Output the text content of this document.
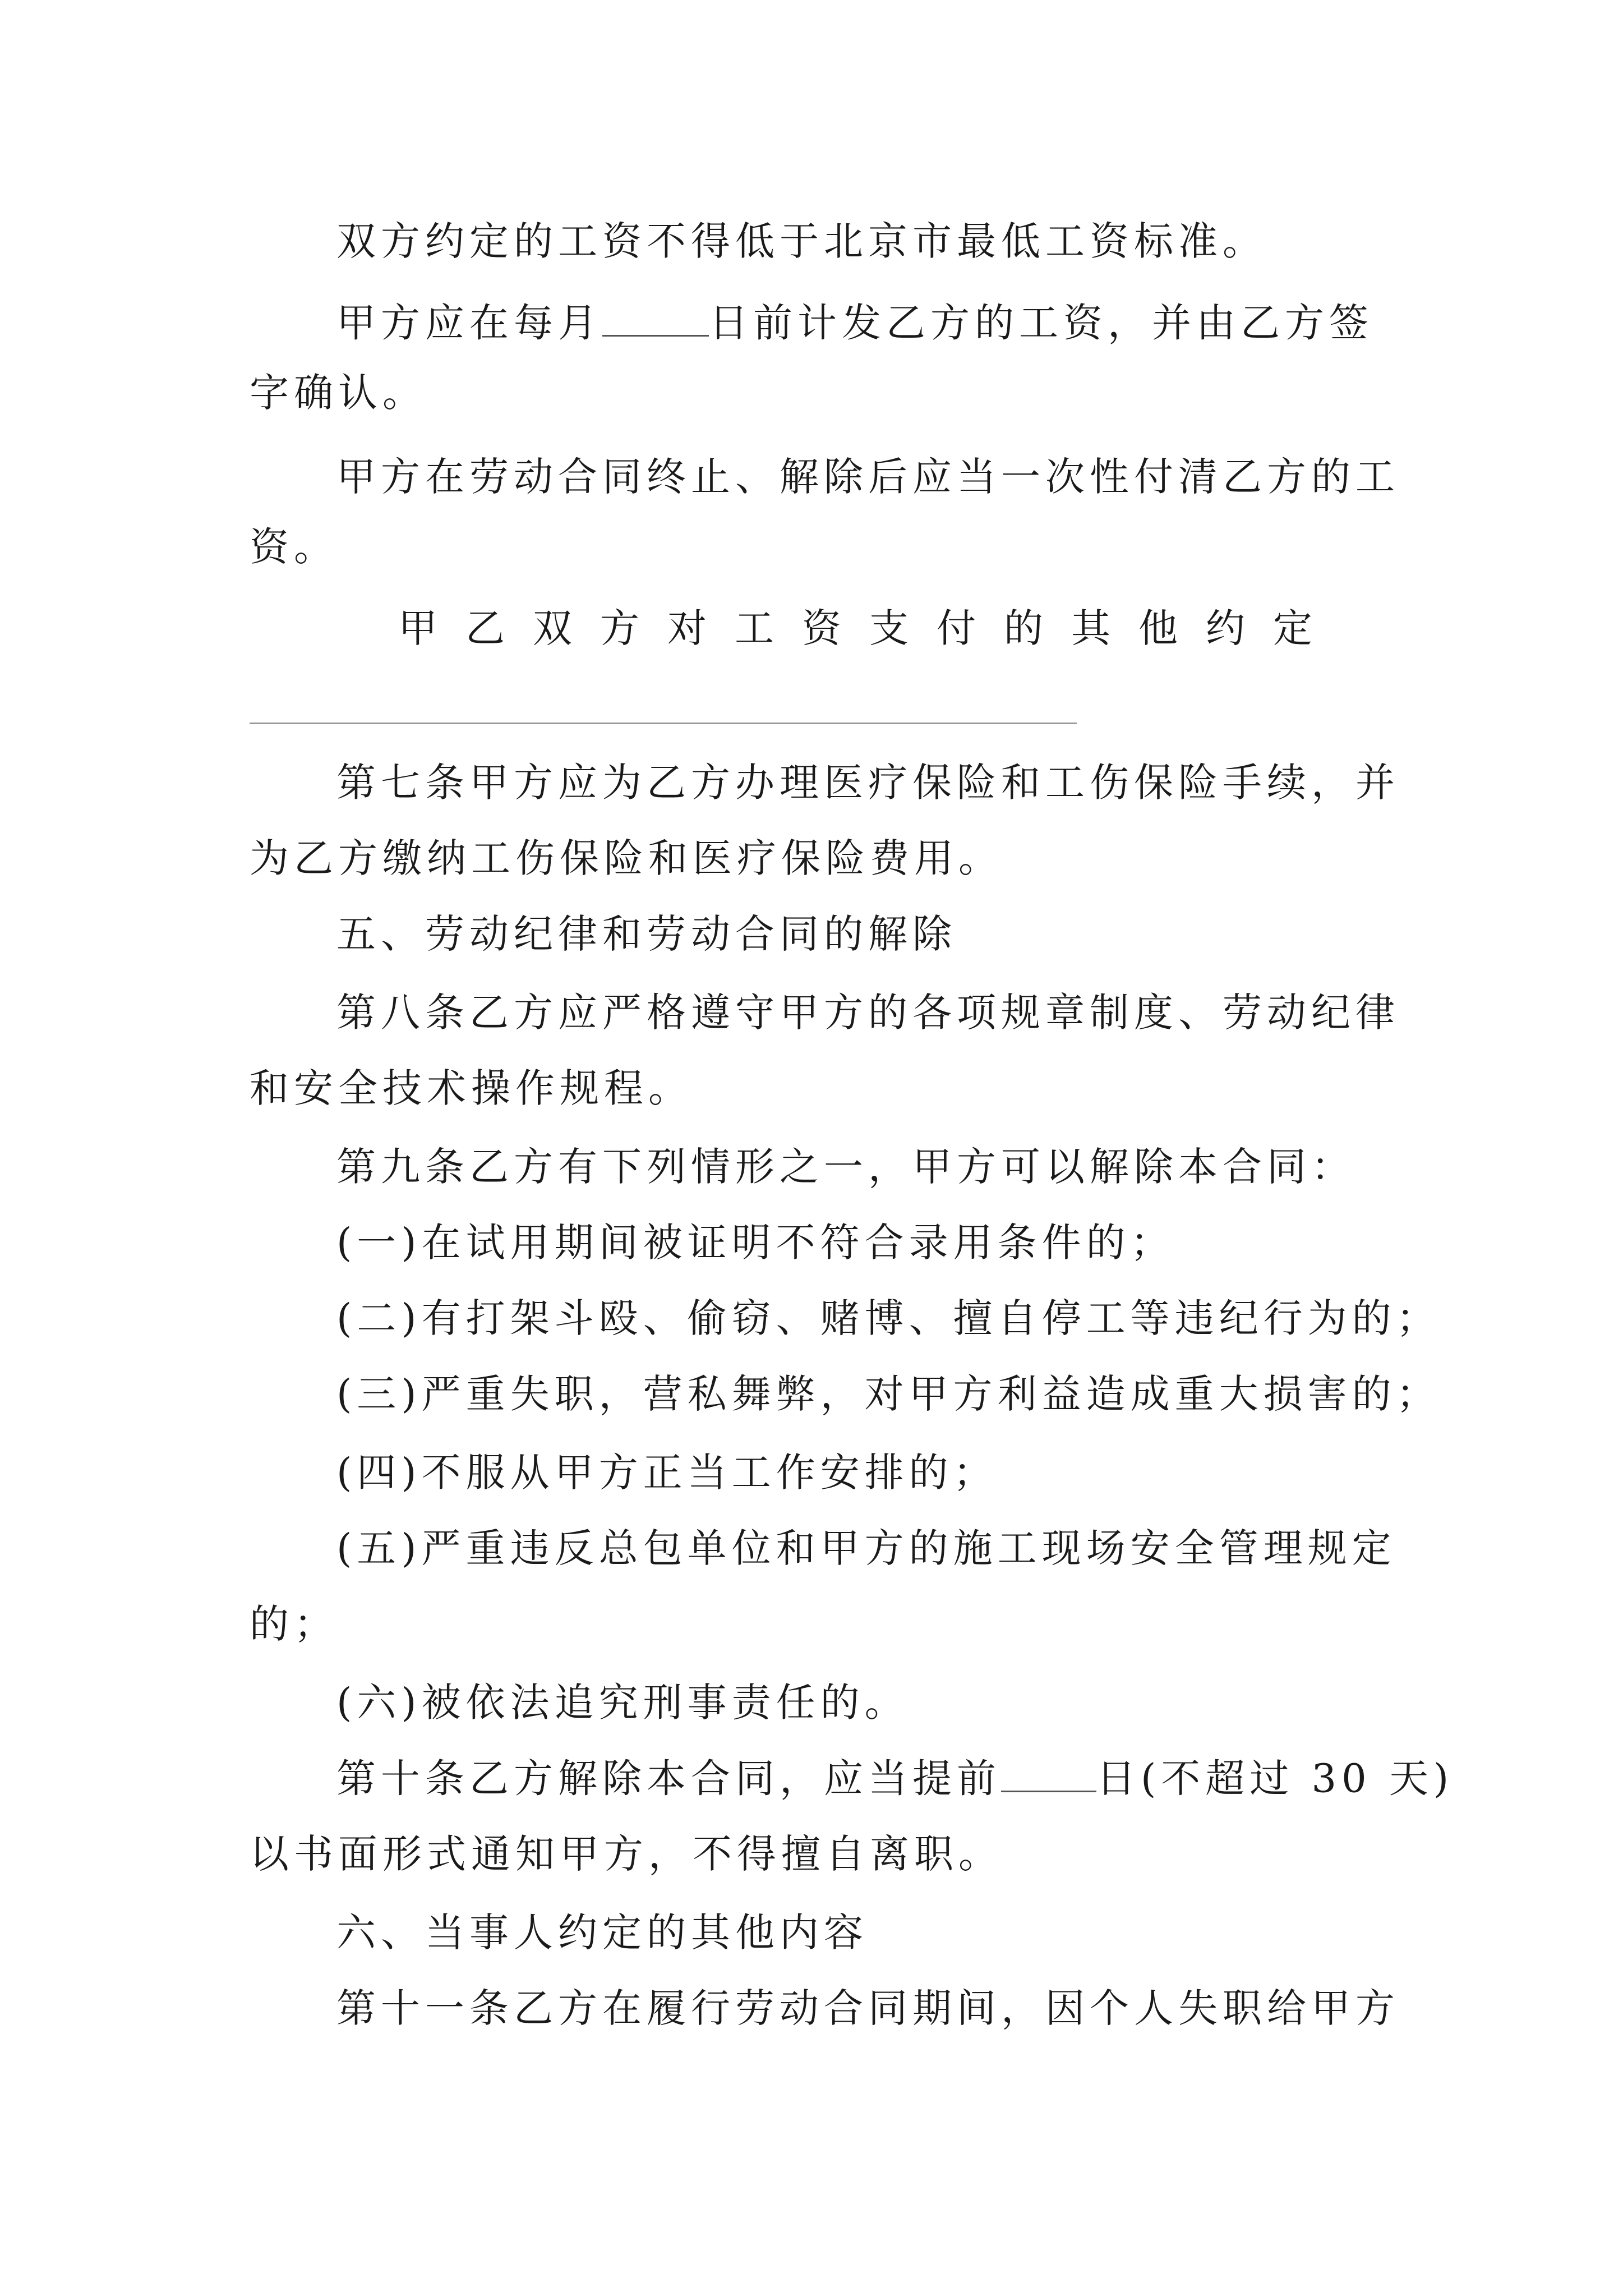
双方约定的工资不得低于北京市最低工资标准。

甲方应在每月	日前计发乙方的工资，并由乙方签

字确认。

甲方在劳动合同终止、解除后应当一次性付清乙方的工

资。

甲乙双方对工资支付的其他约定

第七条甲方应为乙方办理医疗保险和工伤保险手续，并

为乙方缴纳工伤保险和医疗保险费用。

五、劳动纪律和劳动合同的解除

第八条乙方应严格遵守甲方的各项规章制度、劳动纪律

和安全技术操作规程。

第九条乙方有下列情形之一，甲方可以解除本合同：

(一)在试用期间被证明不符合录用条件的；

(二)有打架斗殴、偷窃、赌博、擅自停工等违纪行为的；

(三)严重失职，营私舞弊，对甲方利益造成重大损害的；

(四)不服从甲方正当工作安排的；

(五)严重违反总包单位和甲方的施工现场安全管理规定

的；

(六)被依法追究刑事责任的。

第十条乙方解除本合同，应当提前 日(不超过 30 天)

以书面形式通知甲方，不得擅自离职。

六、当事人约定的其他内容

第十一条乙方在履行劳动合同期间，因个人失职给甲方
